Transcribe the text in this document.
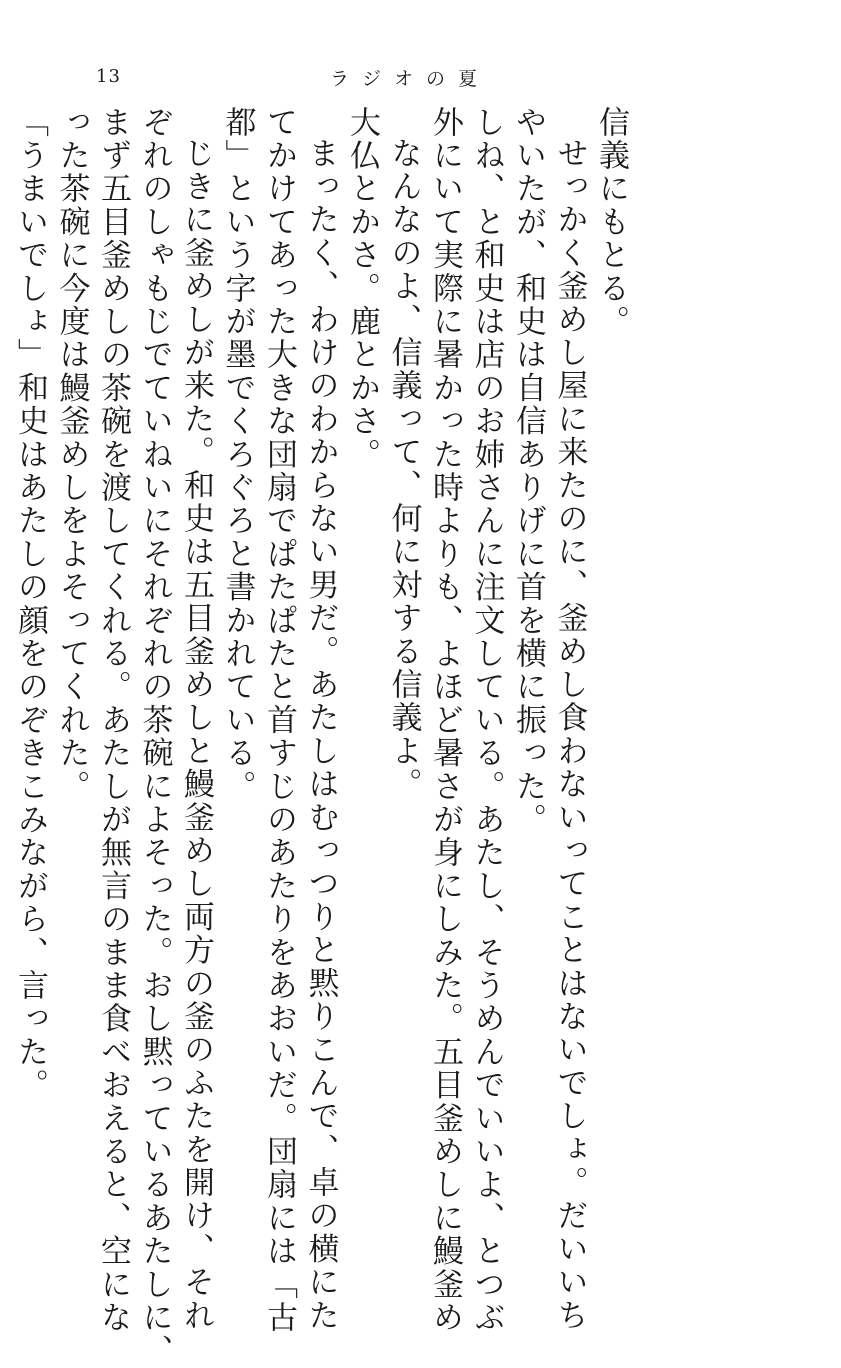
13	ラジオの夏
信義にもとる。
せっかく釜めし屋に来たのに、釜めし食わないってことはないでしょ。だいいち
やいたが、和史は自信ありげに首を横に振った。
しね、と和史は店のお姉さんに注文している。あたし、そうめんでいいよ、とつぶ
外にいて実際に暑かった時よりも、よほど暑さが身にしみた。五目釜めしに鰻釜め
なんなのよ、信義って、何に対する信義よ。
大仏とかさ。鹿とかさ。
まったく、わけのわからない男だ。あたしはむっつりと黙りこんで、卓の横にた
てかけてあった大きな団扇でぱたぱたと首すじのあたりをあおいだ。団扇には「古
都」という字が墨でくろぐろと書かれている。
じきに釜めしが来た。和史は五目釜めしと鰻釜めし両方の釜のふたを開け、それ
ぞれのしゃもじでていねいにそれぞれの茶碗によそった。おし黙っているあたしに、
まず五目釜めしの茶碗を渡してくれる。あたしが無言のまま食べおえると、空にな
った茶碗に今度は鰻釜めしをよそってくれた。
「うまいでしょ」和史はあたしの顔をのぞきこみながら、言った。
